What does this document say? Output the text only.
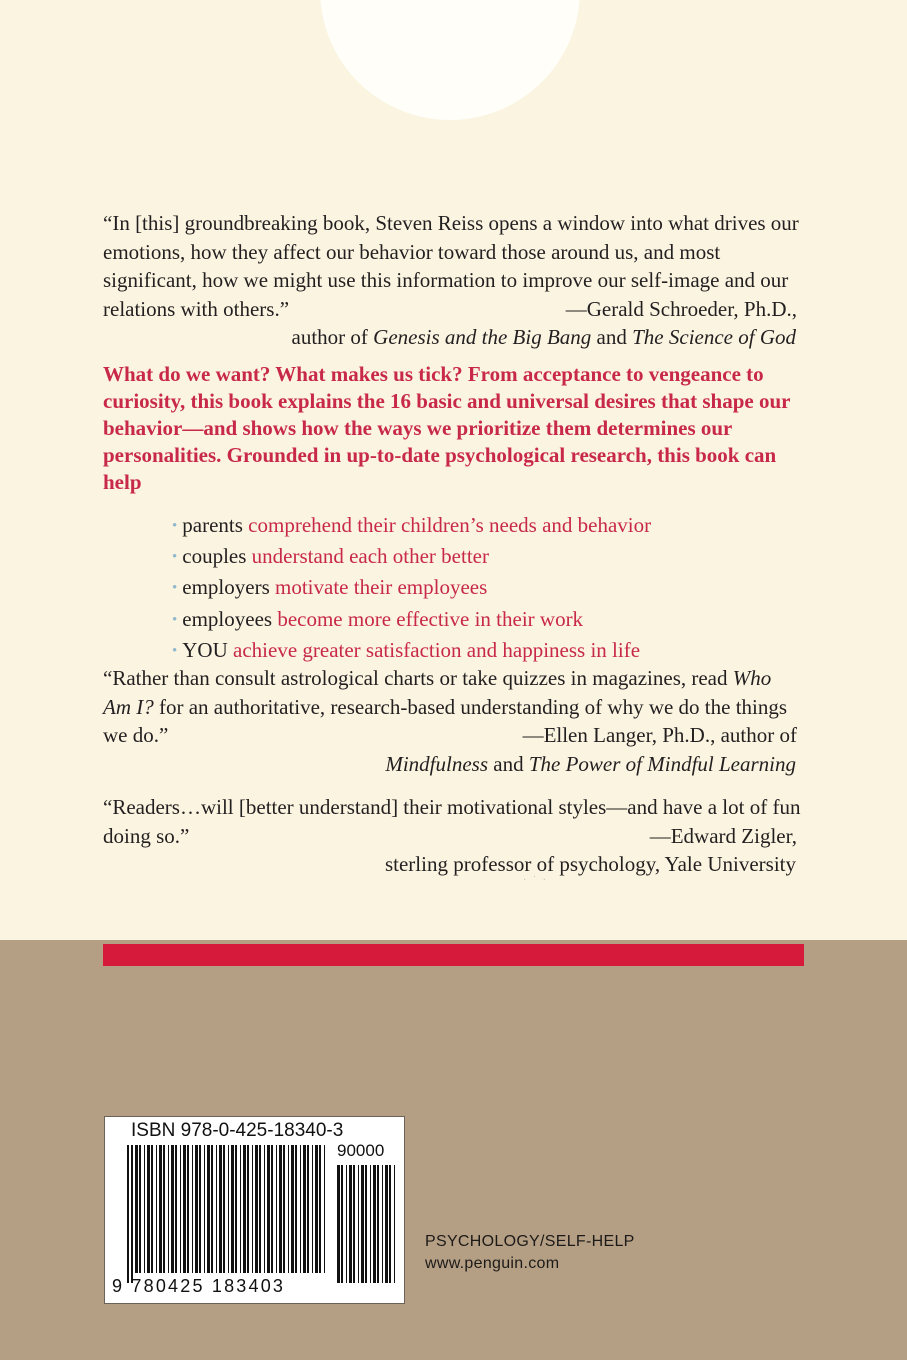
“In [this] groundbreaking book, Steven Reiss opens a window into what drives our emotions, how they affect our behavior toward those around us, and most significant, how we might use this information to improve our self-image and our relations with others.”	—Gerald Schroeder, Ph.D.,

author of Genesis and the Big Bang and The Science of God
What do we want? What makes us tick? From acceptance to vengeance to curiosity, this book explains the 16 basic and universal desires that shape our behavior—and shows how the ways we prioritize them determines our personalities. Grounded in up-to-date psychological research, this book can help
• parents comprehend their children’s needs and behavior
• couples understand each other better
• employers motivate their employees
• employees become more effective in their work
• YOU achieve greater satisfaction and happiness in life

“Rather than consult astrological charts or take quizzes in magazines, read Who Am I? for an authoritative, research-based understanding of why we do the things we do.”	—Ellen Langer, Ph.D., author of

Mindfulness and The Power of Mindful Learning

“Readers…will [better understand] their motivational styles—and have a lot of fun doing so.”	—Edward Zigler,

sterling professor of psychology, Yale University
· ˙ ·
ISBN 978-0-425-18340-3
90000
9 780425 183403
PSYCHOLOGY/SELF-HELP
www.penguin.com
